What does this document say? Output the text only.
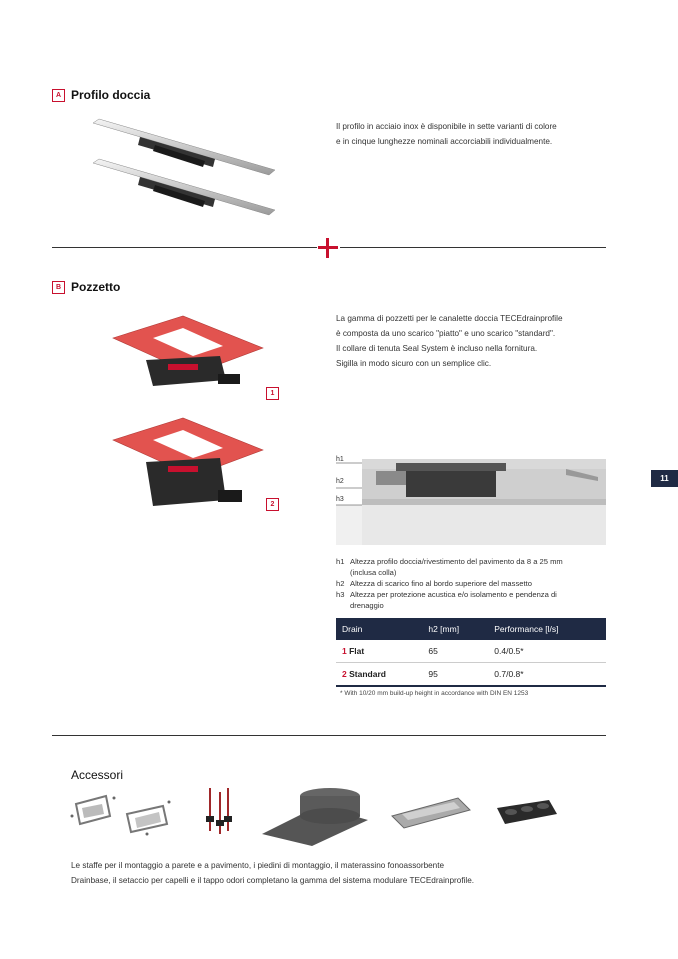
A Profilo doccia
Il profilo in acciaio inox è disponibile in sette varianti di colore
e in cinque lunghezze nominali accorciabili individualmente.
B Pozzetto
1
2
La gamma di pozzetti per le canalette doccia TECEdrainprofile
è composta da uno scarico "piatto" e uno scarico "standard".
Il collare di tenuta Seal System è incluso nella fornitura.
Sigilla in modo sicuro con un semplice clic.
h1
h2
h3
h1 Altezza profilo doccia/rivestimento del pavimento da 8 a 25 mm
(inclusa colla)
h2 Altezza di scarico fino al bordo superiore del massetto
h3 Altezza per protezione acustica e/o isolamento e pendenza di
drenaggio
Drain	h2 [mm]	Performance [l/s]
1 Flat	65	0.4/0.5*
2 Standard	95	0.7/0.8*
* With 10/20 mm build-up height in accordance with DIN EN 1253
11
Accessori
Le staffe per il montaggio a parete e a pavimento, i piedini di montaggio, il materassino fonoassorbente
Drainbase, il setaccio per capelli e il tappo odori completano la gamma del sistema modulare TECEdrainprofile.
